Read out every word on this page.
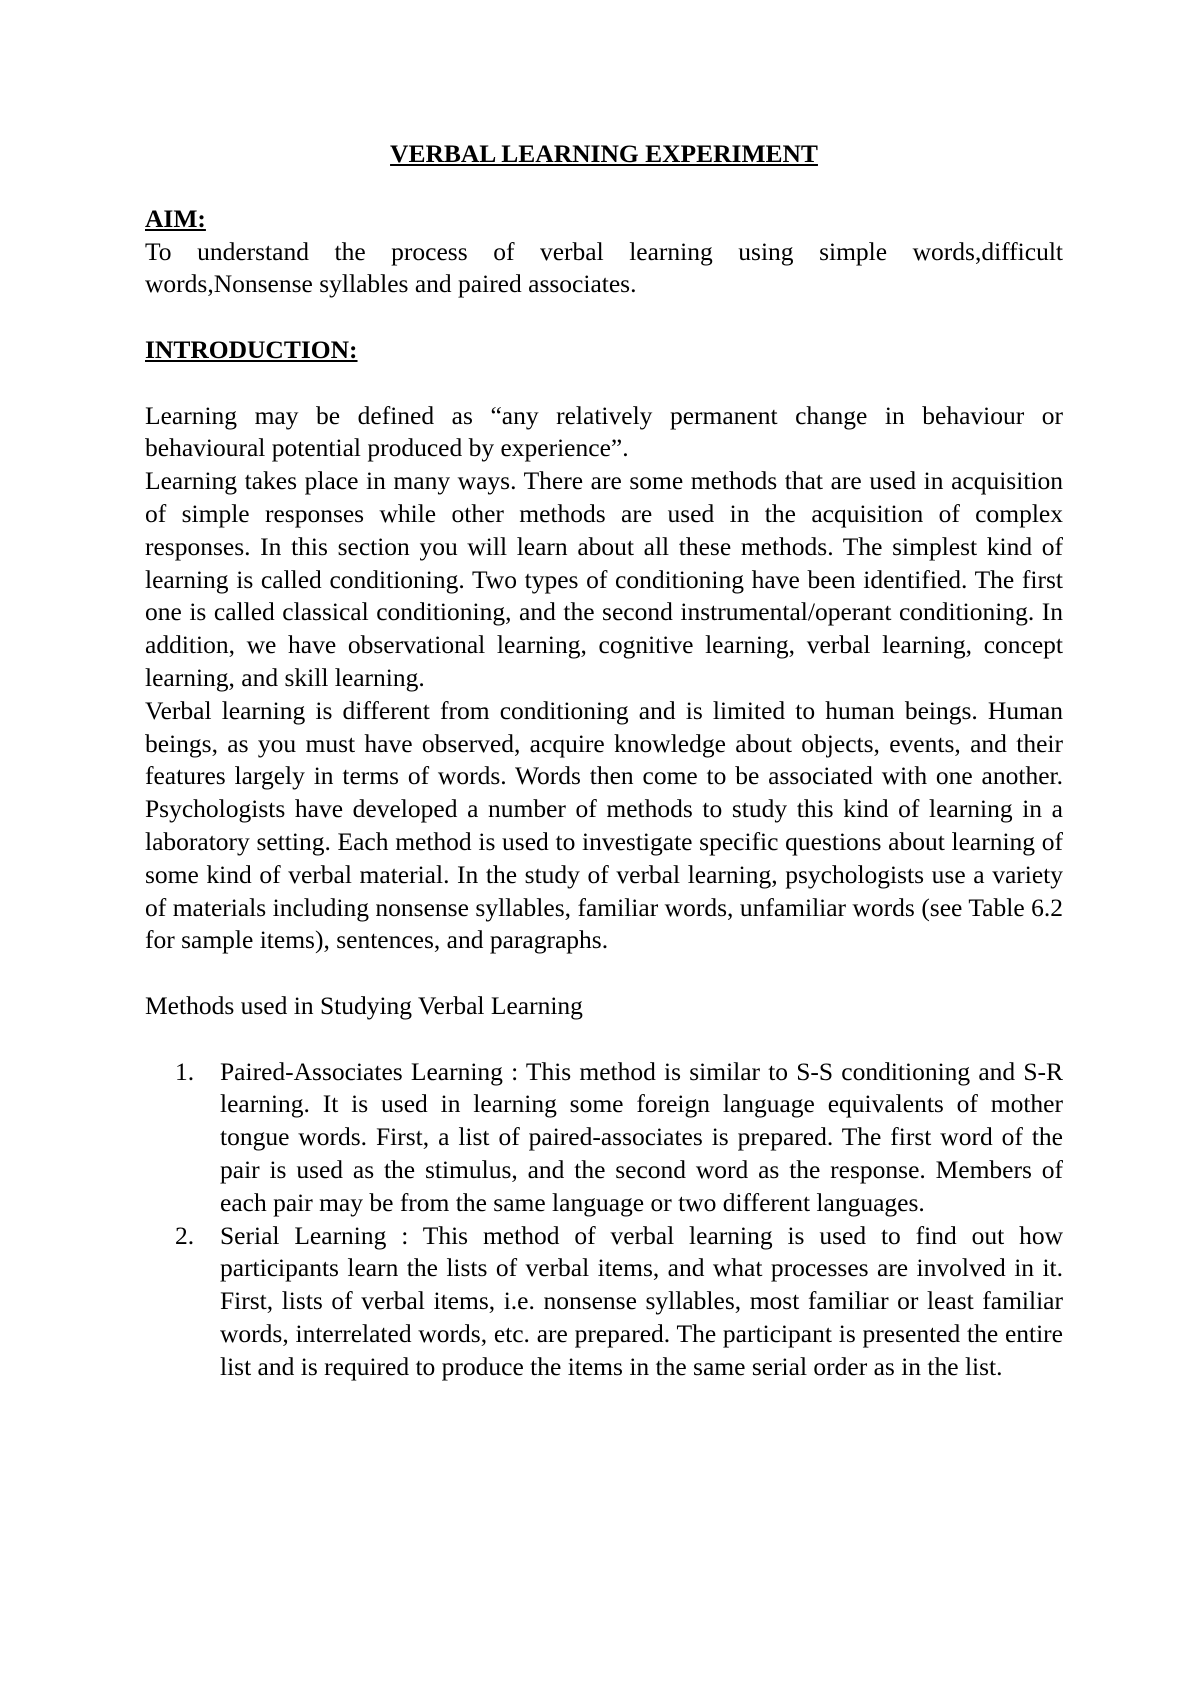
VERBAL LEARNING EXPERIMENT

AIM:

To understand the process of verbal learning using simple words,difficult words,Nonsense syllables and paired associates.

INTRODUCTION:

Learning may be defined as “any relatively permanent change in behaviour or behavioural potential produced by experience”.

Learning takes place in many ways. There are some methods that are used in acquisition of simple responses while other methods are used in the acquisition of complex responses. In this section you will learn about all these methods. The simplest kind of learning is called conditioning. Two types of conditioning have been identified. The first one is called classical conditioning, and the second instrumental/operant conditioning. In addition, we have observational learning, cognitive learning, verbal learning, concept learning, and skill learning.

Verbal learning is different from conditioning and is limited to human beings. Human beings, as you must have observed, acquire knowledge about objects, events, and their features largely in terms of words. Words then come to be associated with one another. Psychologists have developed a number of methods to study this kind of learning in a laboratory setting. Each method is used to investigate specific questions about learning of some kind of verbal material. In the study of verbal learning, psychologists use a variety of materials including nonsense syllables, familiar words, unfamiliar words (see Table 6.2 for sample items), sentences, and paragraphs.

Methods used in Studying Verbal Learning

1. Paired-Associates Learning : This method is similar to S-S conditioning and S-R learning. It is used in learning some foreign language equivalents of mother tongue words. First, a list of paired-associates is prepared. The first word of the pair is used as the stimulus, and the second word as the response. Members of each pair may be from the same language or two different languages.
2. Serial Learning : This method of verbal learning is used to find out how participants learn the lists of verbal items, and what processes are involved in it. First, lists of verbal items, i.e. nonsense syllables, most familiar or least familiar words, interrelated words, etc. are prepared. The participant is presented the entire list and is required to produce the items in the same serial order as in the list.
